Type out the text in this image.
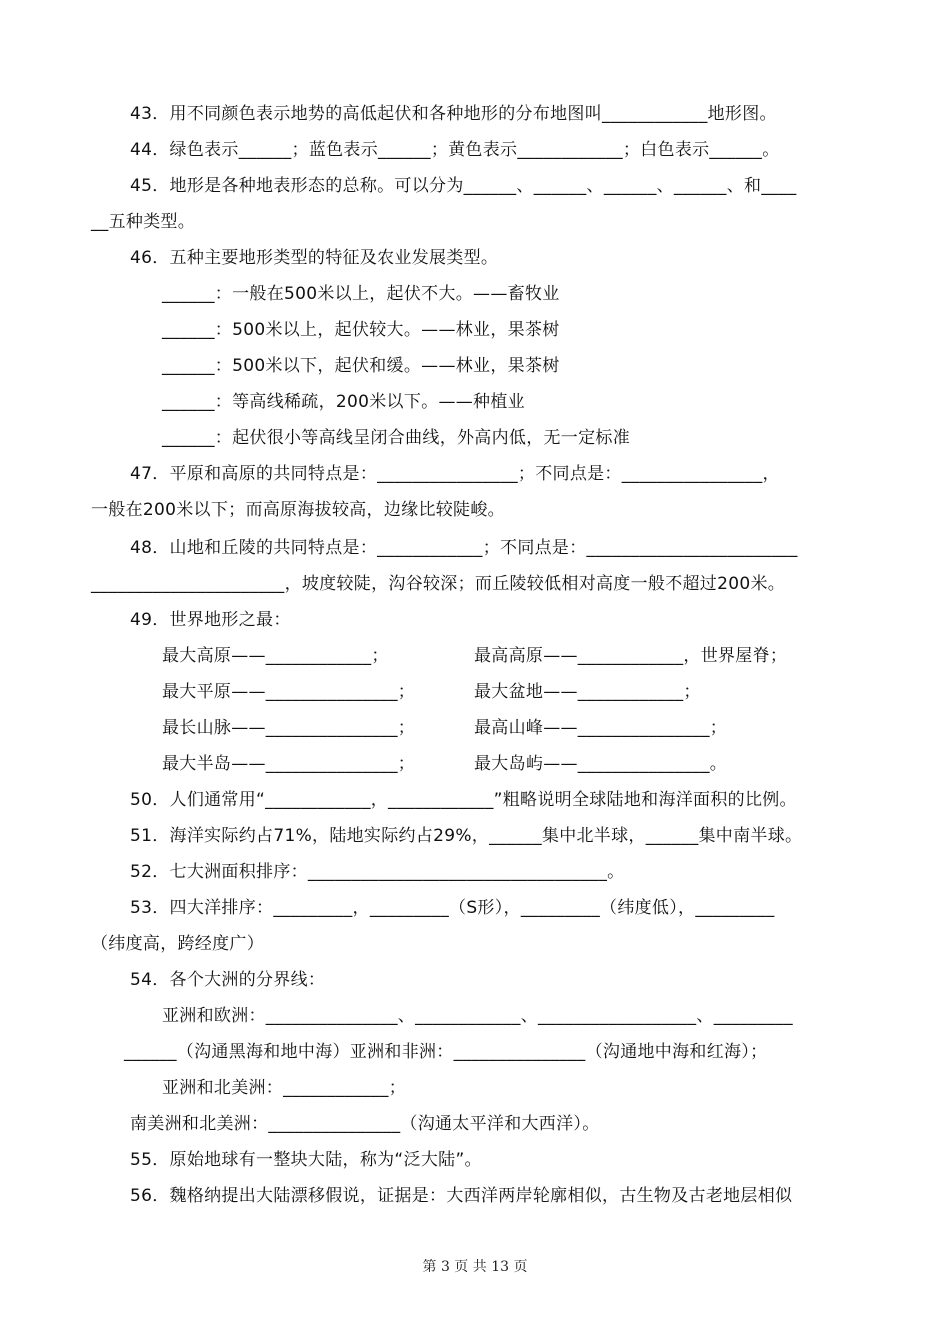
43．用不同颜色表示地势的高低起伏和各种地形的分布地图叫____________地形图。
44．绿色表示______；蓝色表示______；黄色表示____________；白色表示______。
45．地形是各种地表形态的总称。可以分为______、______、______、______、和____
__五种类型。
46．五种主要地形类型的特征及农业发展类型。
______：一般在500米以上，起伏不大。——畜牧业
______：500米以上，起伏较大。——林业，果茶树
______：500米以下，起伏和缓。——林业，果茶树
______：等高线稀疏，200米以下。——种植业
______：起伏很小等高线呈闭合曲线，外高内低，无一定标准
47．平原和高原的共同特点是：________________；不同点是：________________，
一般在200米以下；而高原海拔较高，边缘比较陡峻。
48．山地和丘陵的共同特点是：____________；不同点是：________________________
______________________，坡度较陡，沟谷较深；而丘陵较低相对高度一般不超过200米。
49．世界地形之最：
最大高原——____________；	最高高原——____________，世界屋脊；
最大平原——_______________；	最大盆地——____________；
最长山脉——_______________；	最高山峰——_______________；
最大半岛——_______________；	最大岛屿——_______________。
50．人们通常用“____________，____________”粗略说明全球陆地和海洋面积的比例。
51．海洋实际约占71%，陆地实际约占29%，______集中北半球，______集中南半球。
52．七大洲面积排序：__________________________________。
53．四大洋排序：_________，_________（S形），_________（纬度低），_________
（纬度高，跨经度广）
54．各个大洲的分界线：
亚洲和欧洲：_______________、____________、__________________、_________
______（沟通黑海和地中海）亚洲和非洲：_______________（沟通地中海和红海）；
亚洲和北美洲：____________；
南美洲和北美洲：_______________（沟通太平洋和大西洋）。
55．原始地球有一整块大陆，称为“泛大陆”。
56．魏格纳提出大陆漂移假说，证据是：大西洋两岸轮廓相似，古生物及古老地层相似
第 3 页 共 13 页
